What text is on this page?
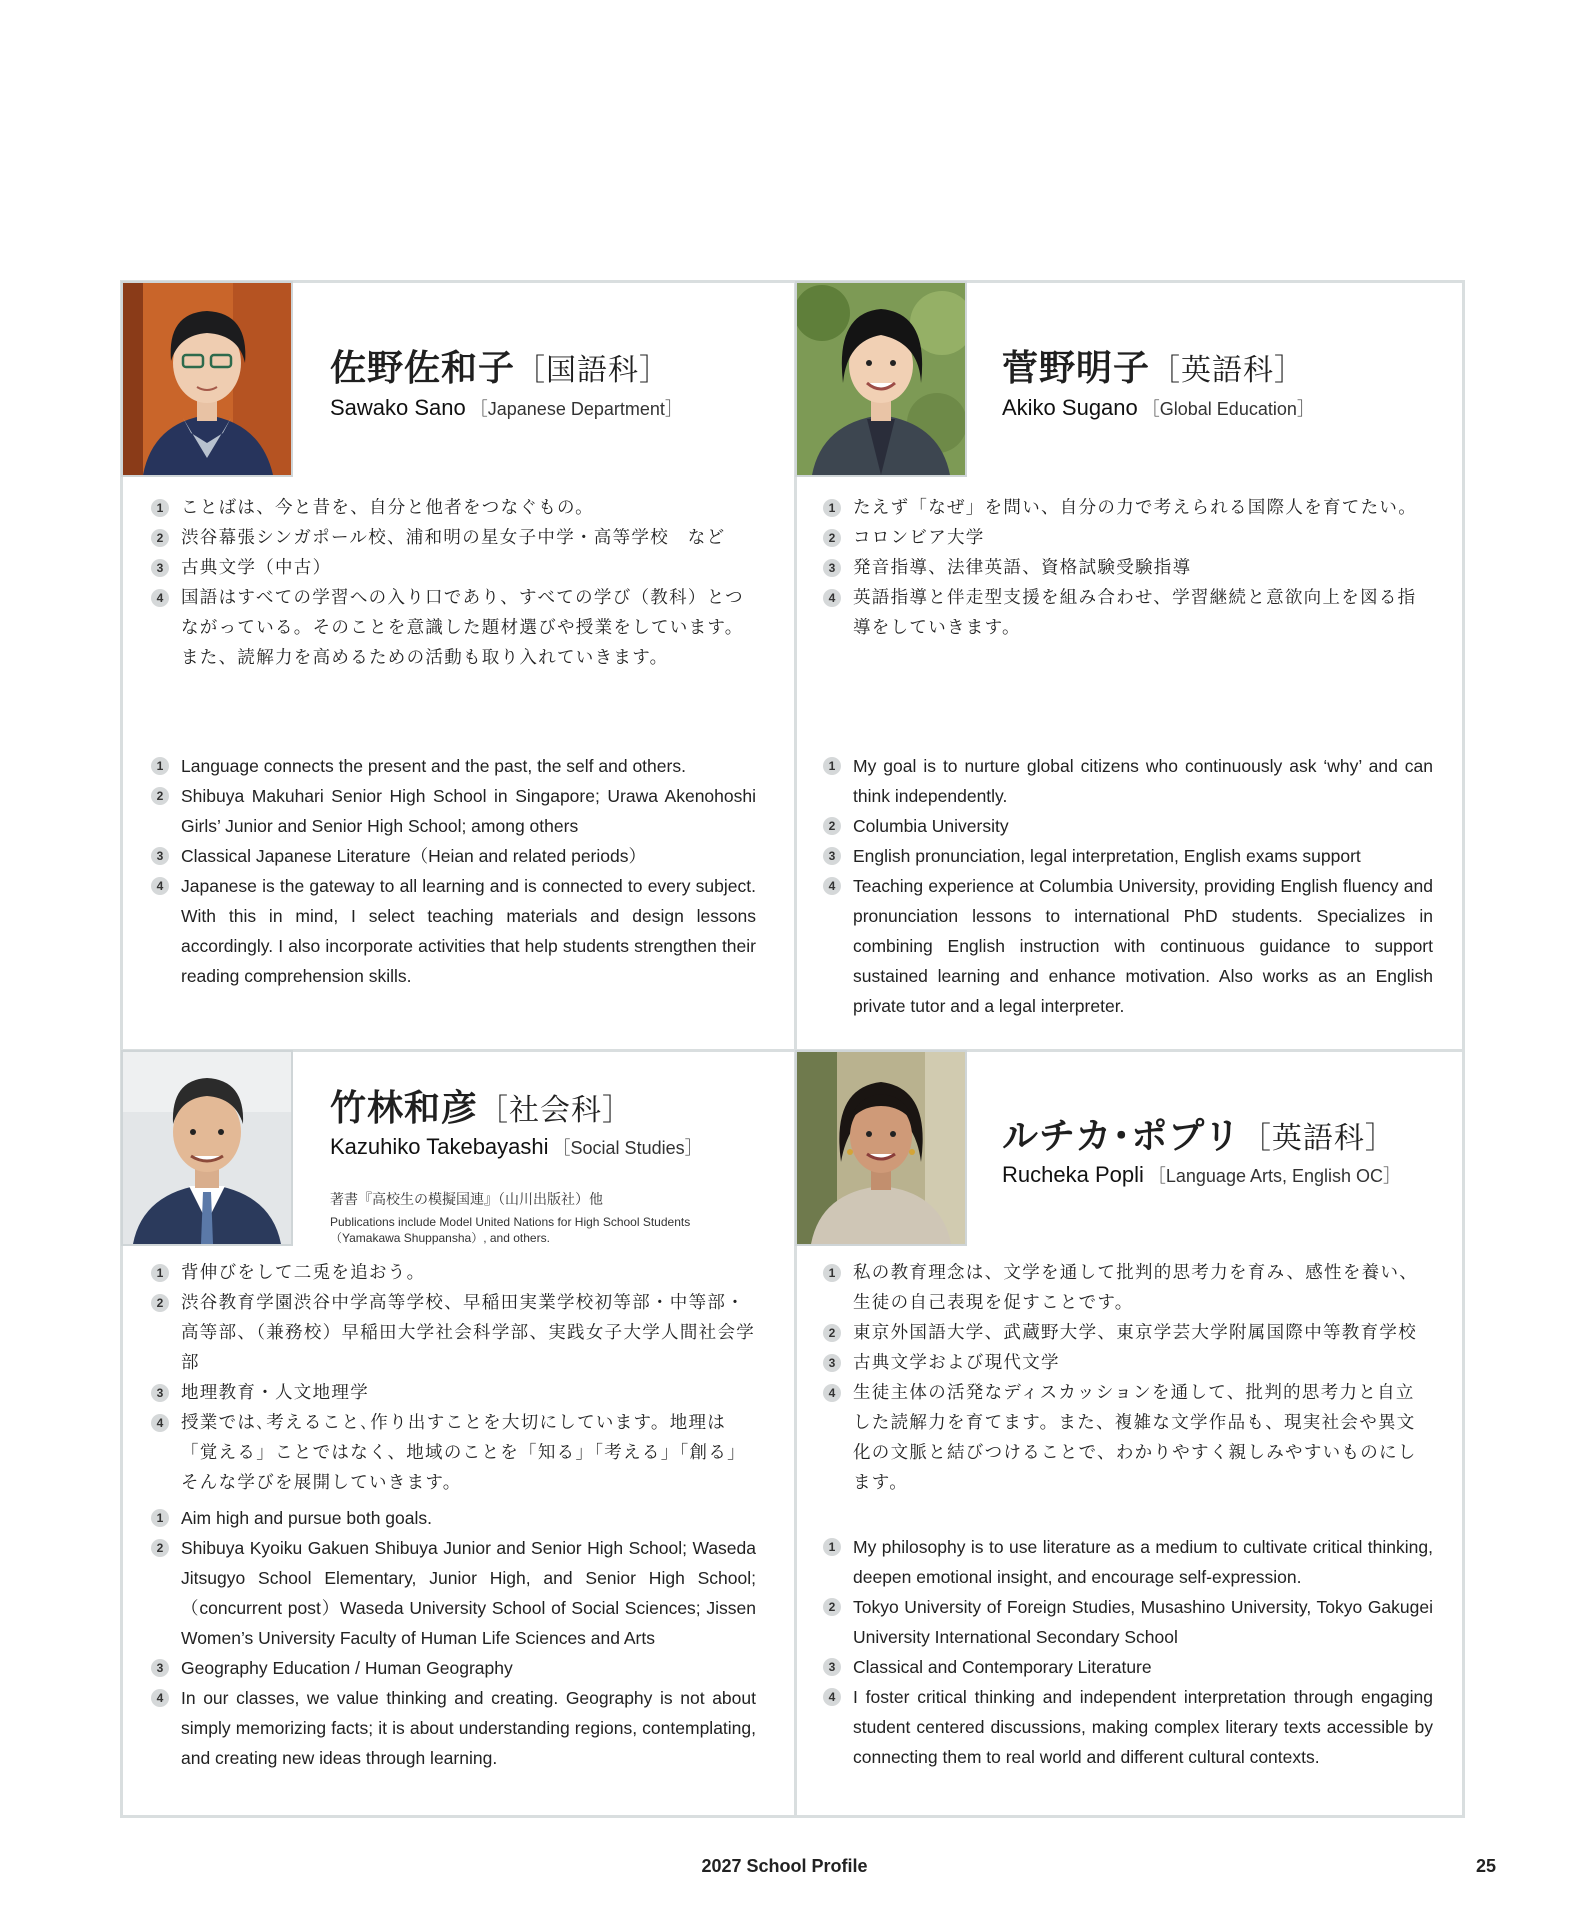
佐野佐和子［国語科］
Sawako Sano ［Japanese Department］
1	ことばは、今と昔を、自分と他者をつなぐもの。
2	渋谷幕張シンガポール校、浦和明の星女子中学・高等学校　など
3	古典文学（中古）
4	国語はすべての学習への入り口であり、すべての学び（教科）とつながっている。そのことを意識した題材選びや授業をしています。また、読解力を高めるための活動も取り入れていきます。
1	Language connects the present and the past, the self and others.
2	Shibuya Makuhari Senior High School in Singapore; Urawa Akenohoshi Girls’ Junior and Senior High School; among others
3	Classical Japanese Literature（Heian and related periods）
4	Japanese is the gateway to all learning and is connected to every subject. With this in mind, I select teaching materials and design lessons accordingly. I also incorporate activities that help students strengthen their reading comprehension skills.
菅野明子［英語科］
Akiko Sugano ［Global Education］
1	たえず「なぜ」を問い、自分の力で考えられる国際人を育てたい。
2	コロンビア大学
3	発音指導、法律英語、資格試験受験指導
4	英語指導と伴走型支援を組み合わせ、学習継続と意欲向上を図る指導をしていきます。
1	My goal is to nurture global citizens who continuously ask ‘why’ and can think independently.
2	Columbia University
3	English pronunciation, legal interpretation, English exams support
4	Teaching experience at Columbia University, providing English fluency and pronunciation lessons to international PhD students. Specializes in combining English instruction with continuous guidance to support sustained learning and enhance motivation. Also works as an English private tutor and a legal interpreter.
竹林和彦［社会科］
Kazuhiko Takebayashi ［Social Studies］
著書『高校生の模擬国連』（山川出版社）他
Publications include Model United Nations for High School Students（Yamakawa Shuppansha）, and others.
1	背伸びをして二兎を追おう。
2	渋谷教育学園渋谷中学高等学校、早稲田実業学校初等部・中等部・高等部、（兼務校）早稲田大学社会科学部、実践女子大学人間社会学部
3	地理教育・人文地理学
4	授業では､考えること､作り出すことを大切にしています。地理は「覚える」ことではなく、地域のことを「知る」「考える」「創る」そんな学びを展開していきます。
1	Aim high and pursue both goals.
2	Shibuya Kyoiku Gakuen Shibuya Junior and Senior High School; Waseda Jitsugyo School Elementary, Junior High, and Senior High School;（concurrent post）Waseda University School of Social Sciences; Jissen Women’s University Faculty of Human Life Sciences and Arts
3	Geography Education / Human Geography
4	In our classes, we value thinking and creating. Geography is not about simply memorizing facts; it is about understanding regions, contemplating, and creating new ideas through learning.
ルチカ･ポプリ［英語科］
Rucheka Popli ［Language Arts, English OC］
1	私の教育理念は、文学を通して批判的思考力を育み、感性を養い、生徒の自己表現を促すことです。
2	東京外国語大学、武蔵野大学、東京学芸大学附属国際中等教育学校
3	古典文学および現代文学
4	生徒主体の活発なディスカッションを通して、批判的思考力と自立した読解力を育てます。また、複雑な文学作品も、現実社会や異文化の文脈と結びつけることで、わかりやすく親しみやすいものにします。
1	My philosophy is to use literature as a medium to cultivate critical thinking, deepen emotional insight, and encourage self-expression.
2	Tokyo University of Foreign Studies, Musashino University, Tokyo Gakugei University International Secondary School
3	Classical and Contemporary Literature
4	I foster critical thinking and independent interpretation through engaging student centered discussions, making complex literary texts accessible by connecting them to real world and different cultural contexts.
2027 School Profile	25
